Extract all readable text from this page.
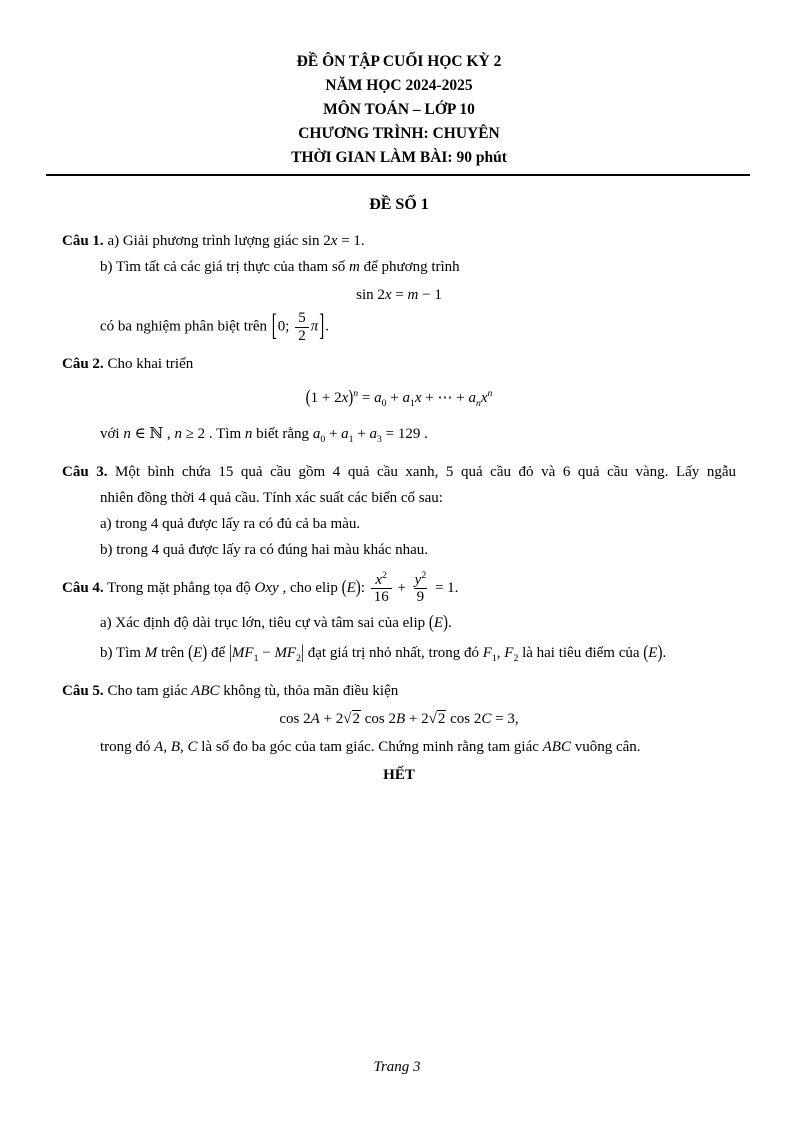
ĐỀ ÔN TẬP CUỐI HỌC KỲ 2
NĂM HỌC 2024-2025
MÔN TOÁN – LỚP 10
CHƯƠNG TRÌNH: CHUYÊN
THỜI GIAN LÀM BÀI: 90 phút
ĐỀ SỐ 1
Câu 1. a) Giải phương trình lượng giác sin 2x = 1.
b) Tìm tất cả các giá trị thực của tham số m để phương trình
sin 2x = m − 1
có ba nghiệm phân biệt trên [0; $\frac{5}{2} \pi$].
Câu 2. Cho khai triển
$(1 + 2x)^n = a_0 + a_1x$ + ⋯ + $a_nx^n$
với n ∈ ℕ , n ≥ 2 . Tìm n biết rằng $a_0 + a_1 + a_3 = 129$ .
Câu 3. Một bình chứa 15 quả cầu gồm 4 quả cầu xanh, 5 quả cầu đỏ và 6 quả cầu vàng. Lấy ngẫu
nhiên đồng thời 4 quả cầu. Tính xác suất các biến cố sau:
a) trong 4 quả được lấy ra có đủ cả ba màu.
b) trong 4 quả được lấy ra có đúng hai màu khác nhau.
Câu 4. Trong mặt phẳng tọa độ Oxy , cho elip (E): $\frac{x^2}{16} + \frac{y^2}{9} = 1$.
a) Xác định độ dài trục lớn, tiêu cự và tâm sai của elip (E).
b) Tìm M trên (E) để $|MF_1 - MF_2|$ đạt giá trị nhỏ nhất, trong đó $F_1$, $F_2$ là hai tiêu điểm của (E).
Câu 5. Cho tam giác ABC không tù, thỏa mãn điều kiện
cos 2A + 2√2 cos 2B + 2√2 cos 2C = 3,
trong đó A, B, C là số đo ba góc của tam giác. Chứng minh rằng tam giác ABC vuông cân.
HẾT
Trang 3
